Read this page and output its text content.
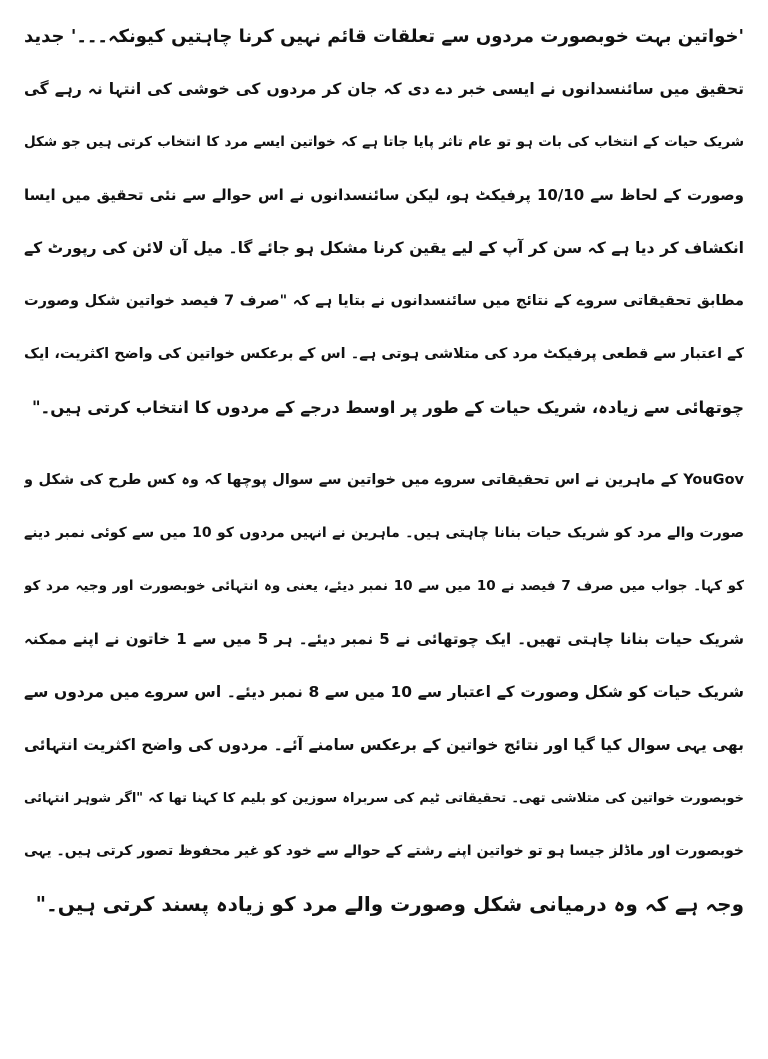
'خواتین بہت خوبصورت مردوں سے تعلقات قائم نہیں کرنا چاہتیں کیونکہ۔۔۔' جدید
تحقیق میں سائنسدانوں نے ایسی خبر دے دی کہ جان کر مردوں کی خوشی کی انتہا نہ رہے گی
شریک حیات کے انتخاب کی بات ہو تو عام تاثر پایا جاتا ہے کہ خواتین ایسے مرد کا انتخاب کرتی ہیں جو شکل
وصورت کے لحاظ سے 10/10 پرفیکٹ ہو، لیکن سائنسدانوں نے اس حوالے سے نئی تحقیق میں ایسا
انکشاف کر دیا ہے کہ سن کر آپ کے لیے یقین کرنا مشکل ہو جائے گا۔ میل آن لائن کی رپورٹ کے
مطابق تحقیقاتی سروے کے نتائج میں سائنسدانوں نے بتایا ہے کہ "صرف 7 فیصد خواتین شکل وصورت
کے اعتبار سے قطعی پرفیکٹ مرد کی متلاشی ہوتی ہے۔ اس کے برعکس خواتین کی واضح اکثریت، ایک
چوتھائی سے زیادہ، شریک حیات کے طور پر اوسط درجے کے مردوں کا انتخاب کرتی ہیں۔"
YouGov کے ماہرین نے اس تحقیقاتی سروے میں خواتین سے سوال پوچھا کہ وہ کس طرح کی شکل و
صورت والے مرد کو شریک حیات بنانا چاہتی ہیں۔ ماہرین نے انہیں مردوں کو 10 میں سے کوئی نمبر دینے
کو کہا۔ جواب میں صرف 7 فیصد نے 10 میں سے 10 نمبر دیئے، یعنی وہ انتہائی خوبصورت اور وجیہ مرد کو
شریک حیات بنانا چاہتی تھیں۔ ایک چوتھائی نے 5 نمبر دیئے۔ ہر 5 میں سے 1 خاتون نے اپنے ممکنہ
شریک حیات کو شکل وصورت کے اعتبار سے 10 میں سے 8 نمبر دیئے۔ اس سروے میں مردوں سے
بھی یہی سوال کیا گیا اور نتائج خواتین کے برعکس سامنے آئے۔ مردوں کی واضح اکثریت انتہائی
خوبصورت خواتین کی متلاشی تھی۔ تحقیقاتی ٹیم کی سربراہ سوزین کو بلیم کا کہنا تھا کہ "اگر شوہر انتہائی
خوبصورت اور ماڈلز جیسا ہو تو خواتین اپنے رشتے کے حوالے سے خود کو غیر محفوظ تصور کرتی ہیں۔ یہی
وجہ ہے کہ وہ درمیانی شکل وصورت والے مرد کو زیادہ پسند کرتی ہیں۔"
